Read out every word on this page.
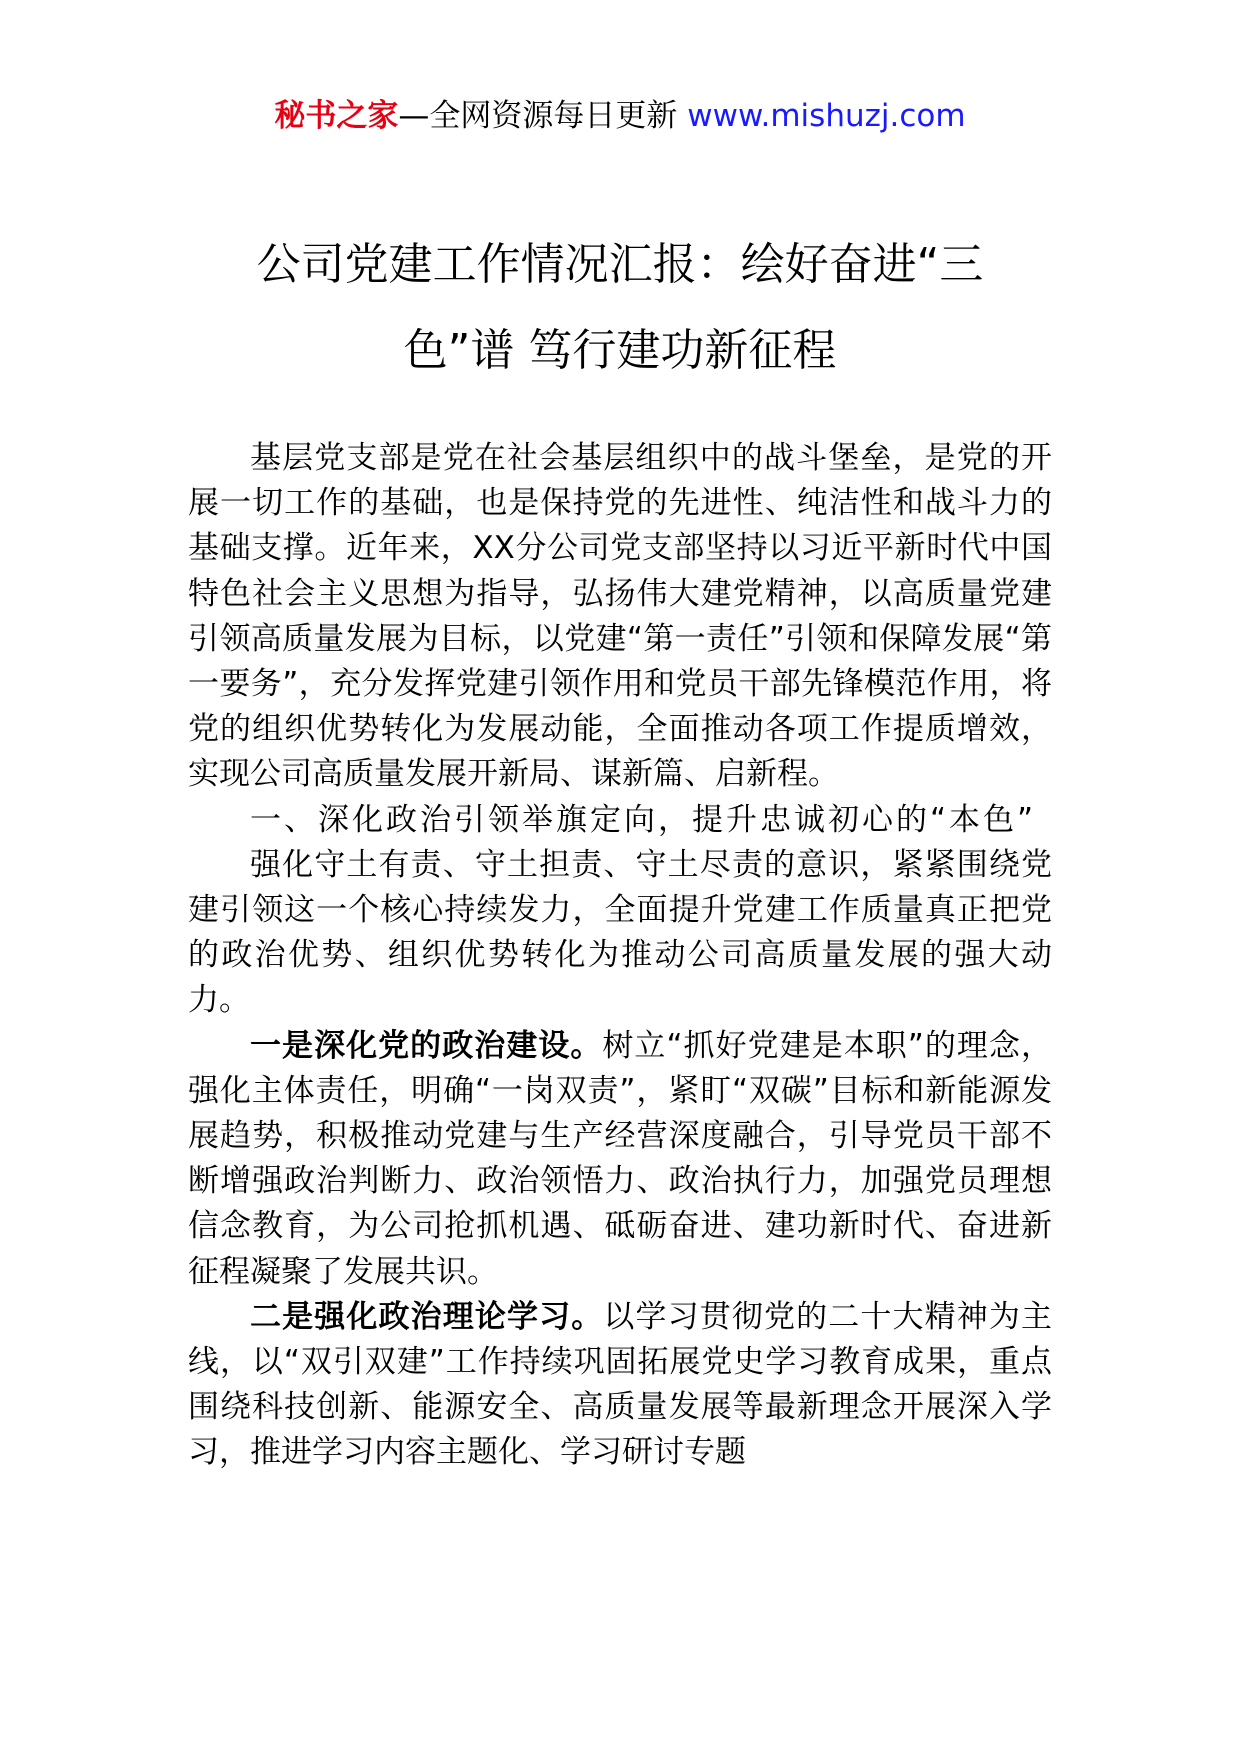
秘书之家—全网资源每日更新 www.mishuzj.com
公司党建工作情况汇报：绘好奋进“三
色”谱 笃行建功新征程

基层党支部是党在社会基层组织中的战斗堡垒，是党的开展一切工作的基础，也是保持党的先进性、纯洁性和战斗力的基础支撑。近年来，XX分公司党支部坚持以习近平新时代中国特色社会主义思想为指导，弘扬伟大建党精神，以高质量党建引领高质量发展为目标，以党建“第一责任”引领和保障发展“第一要务”，充分发挥党建引领作用和党员干部先锋模范作用，将党的组织优势转化为发展动能，全面推动各项工作提质增效，实现公司高质量发展开新局、谋新篇、启新程。

一、深化政治引领举旗定向，提升忠诚初心的“本色”

强化守土有责、守土担责、守土尽责的意识，紧紧围绕党建引领这一个核心持续发力，全面提升党建工作质量真正把党的政治优势、组织优势转化为推动公司高质量发展的强大动力。

一是深化党的政治建设。树立“抓好党建是本职”的理念，强化主体责任，明确“一岗双责”，紧盯“双碳”目标和新能源发展趋势，积极推动党建与生产经营深度融合，引导党员干部不断增强政治判断力、政治领悟力、政治执行力，加强党员理想信念教育，为公司抢抓机遇、砥砺奋进、建功新时代、奋进新征程凝聚了发展共识。

二是强化政治理论学习。以学习贯彻党的二十大精神为主线，以“双引双建”工作持续巩固拓展党史学习教育成果，重点围绕科技创新、能源安全、高质量发展等最新理念开展深入学习，推进学习内容主题化、学习研讨专题
